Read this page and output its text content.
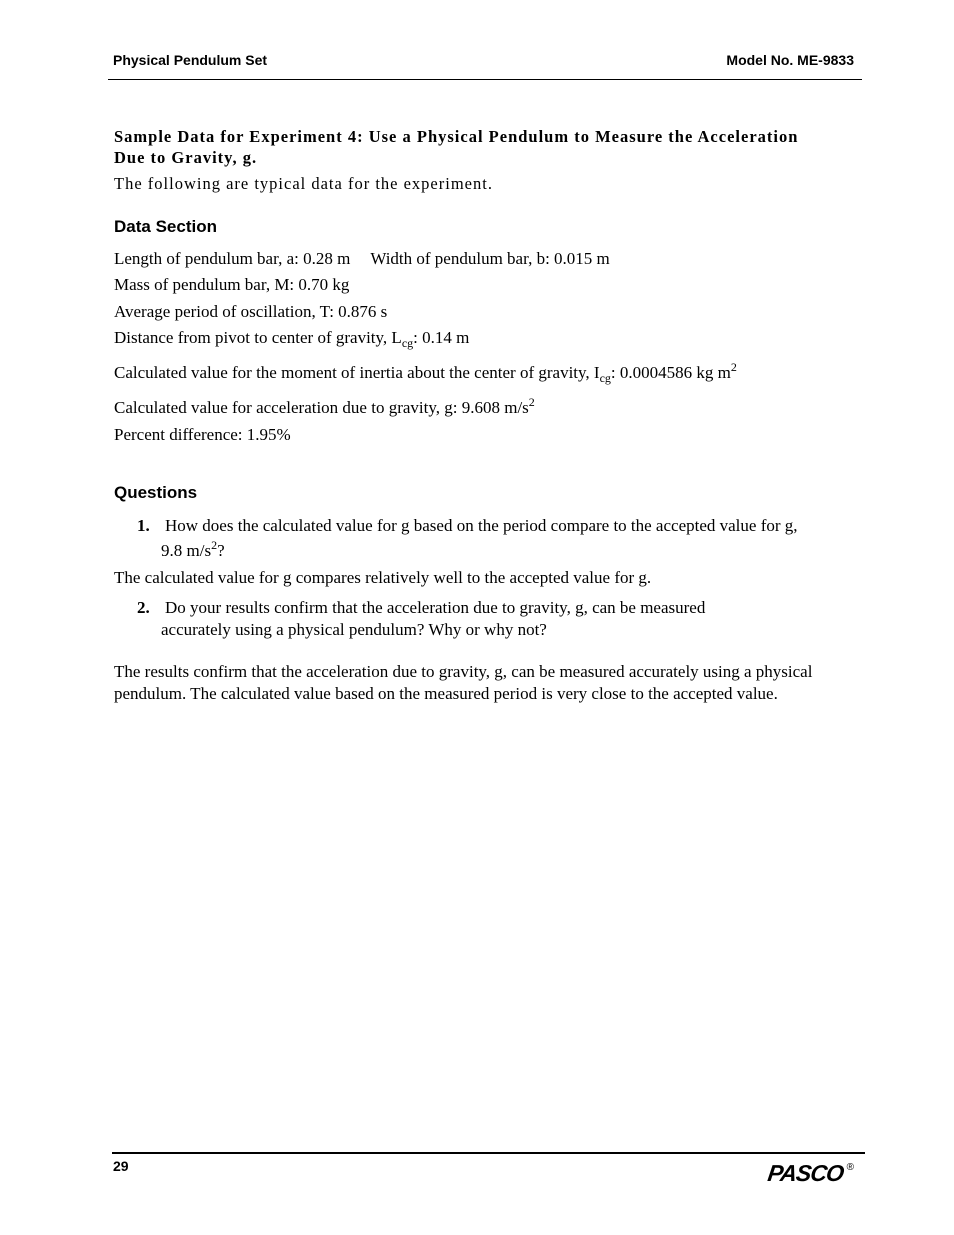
Physical Pendulum Set	Model No. ME-9833
Sample Data for Experiment 4: Use a Physical Pendulum to Measure the Acceleration Due to Gravity, g.

The following are typical data for the experiment.

Data Section

Length of pendulum bar, a: 0.28 m Width of pendulum bar, b: 0.015 m

Mass of pendulum bar, M: 0.70 kg

Average period of oscillation, T: 0.876 s

Distance from pivot to center of gravity, $L_{cg}$: 0.14 m

Calculated value for the moment of inertia about the center of gravity, $I_{cg}$: 0.0004586 kg $m^2$

Calculated value for acceleration due to gravity, g: 9.608 $m/s^2$

Percent difference: 1.95%

Questions
1. How does the calculated value for g based on the period compare to the accepted value for g,
9.8 $m/s^2$?

The calculated value for g compares relatively well to the accepted value for g.

2. Do your results confirm that the acceleration due to gravity, g, can be measured
accurately using a physical pendulum? Why or why not?

The results confirm that the acceleration due to gravity, g, can be measured accurately using a physical pendulum. The calculated value based on the measured period is very close to the accepted value.

29	PASCO ®
